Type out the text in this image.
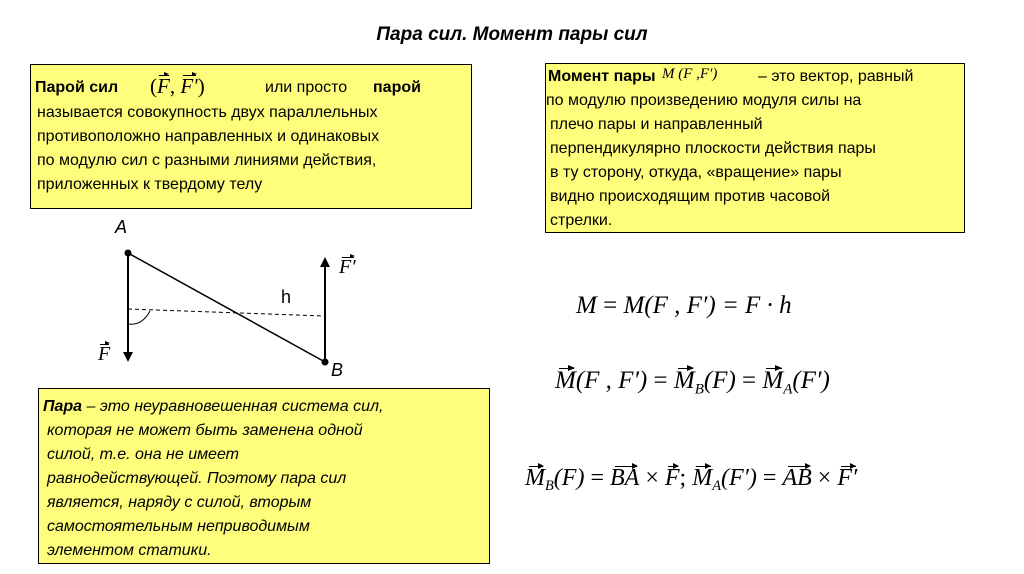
Пара сил. Момент пары сил
Парой сил (F, F′)	или просто парой
называется совокупность двух параллельных
противоположно направленных и одинаковых
по модулю сил с разными линиями действия,
приложенных к твердому телу
Момент пары M (F ,F′)	– это вектор, равный
по модулю произведению модуля силы на
плечо пары и направленный
перпендикулярно плоскости действия пары
в ту сторону, откуда, «вращение» пары
видно происходящим против часовой
стрелки.
Пара – это неуравновешенная система сил,
которая не может быть заменена одной
силой, т.е. она не имеет
равнодействующей. Поэтому пара сил
является, наряду с силой, вторым
самостоятельным неприводимым
элементом статики.
A
B
h
F
F′
M = M(F , F′) = F · h
M(F , $F') = M_B(F) = M_A(F')$
$M_B(F)$ = BA × F; $M_A(F')$ = AB × F′
